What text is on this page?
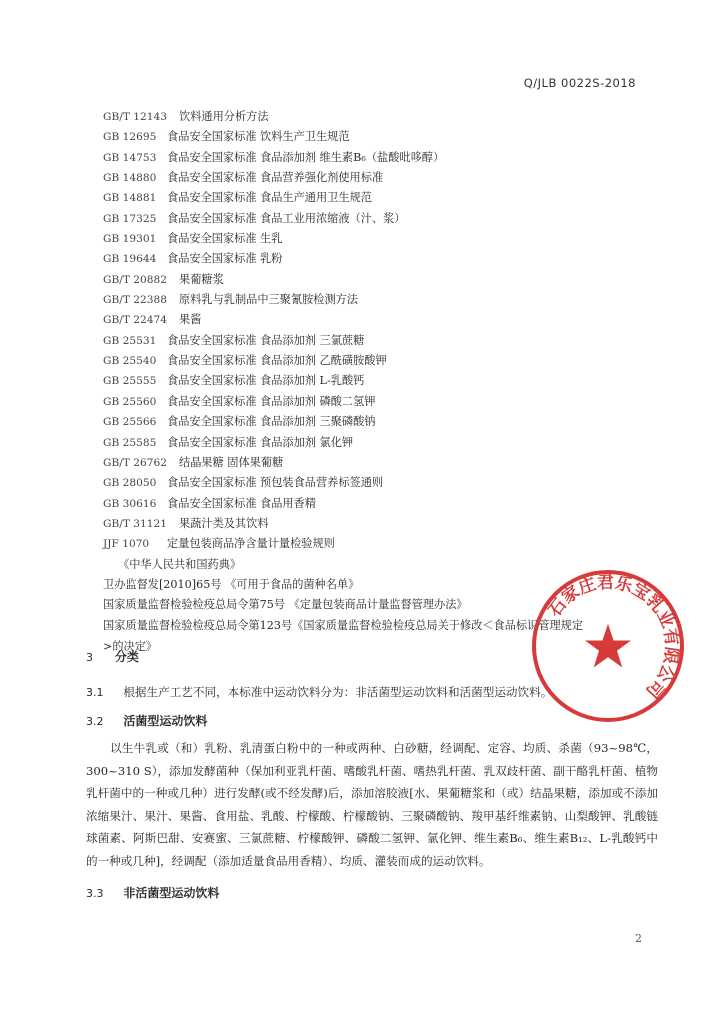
Q/JLB 0022S-2018
GB/T 12143 饮料通用分析方法
GB 12695 食品安全国家标准 饮料生产卫生规范
GB 14753 食品安全国家标准 食品添加剂 维生素B₆（盐酸吡哆醇）
GB 14880 食品安全国家标准 食品营养强化剂使用标准
GB 14881 食品安全国家标准 食品生产通用卫生规范
GB 17325 食品安全国家标准 食品工业用浓缩液（汁、浆）
GB 19301 食品安全国家标准 生乳
GB 19644 食品安全国家标准 乳粉
GB/T 20882 果葡糖浆
GB/T 22388 原料乳与乳制品中三聚氰胺检测方法
GB/T 22474 果酱
GB 25531 食品安全国家标准 食品添加剂 三氯蔗糖
GB 25540 食品安全国家标准 食品添加剂 乙酰磺胺酸钾
GB 25555 食品安全国家标准 食品添加剂 L-乳酸钙
GB 25560 食品安全国家标准 食品添加剂 磷酸二氢钾
GB 25566 食品安全国家标准 食品添加剂 三聚磷酸钠
GB 25585 食品安全国家标准 食品添加剂 氯化钾
GB/T 26762 结晶果糖 固体果葡糖
GB 28050 食品安全国家标准 预包装食品营养标签通则
GB 30616 食品安全国家标准 食品用香精
GB/T 31121 果蔬汁类及其饮料
JJF 1070 定量包装商品净含量计量检验规则
《中华人民共和国药典》
卫办监督发[2010]65号 《可用于食品的菌种名单》
国家质量监督检验检疫总局令第75号 《定量包装商品计量监督管理办法》
国家质量监督检验检疫总局令第123号《国家质量监督检验检疫总局关于修改＜食品标识管理规定
>的决定》
3 分类
3.1 根据生产工艺不同，本标准中运动饮料分为：非活菌型运动饮料和活菌型运动饮料。
3.2 活菌型运动饮料
以生牛乳或（和）乳粉、乳清蛋白粉中的一种或两种、白砂糖，经调配、定容、均质、杀菌（93~98℃，300~310 S），添加发酵菌种（保加利亚乳杆菌、嗜酸乳杆菌、嗜热乳杆菌、乳双歧杆菌、副干酪乳杆菌、植物乳杆菌中的一种或几种）进行发酵(或不经发酵)后，添加溶胶液[水、果葡糖浆和（或）结晶果糖，添加或不添加浓缩果汁、果汁、果酱、食用盐、乳酸、柠檬酸、柠檬酸钠、三聚磷酸钠、羧甲基纤维素钠、山梨酸钾、乳酸链球菌素、阿斯巴甜、安赛蜜、三氯蔗糖、柠檬酸钾、磷酸二氢钾、氯化钾、维生素B₆、维生素B₁₂、L-乳酸钙中的一种或几种]，经调配（添加适量食品用香精）、均质、灌装而成的运动饮料。
3.3 非活菌型运动饮料
2
石家庄君乐宝乳业有限公司
